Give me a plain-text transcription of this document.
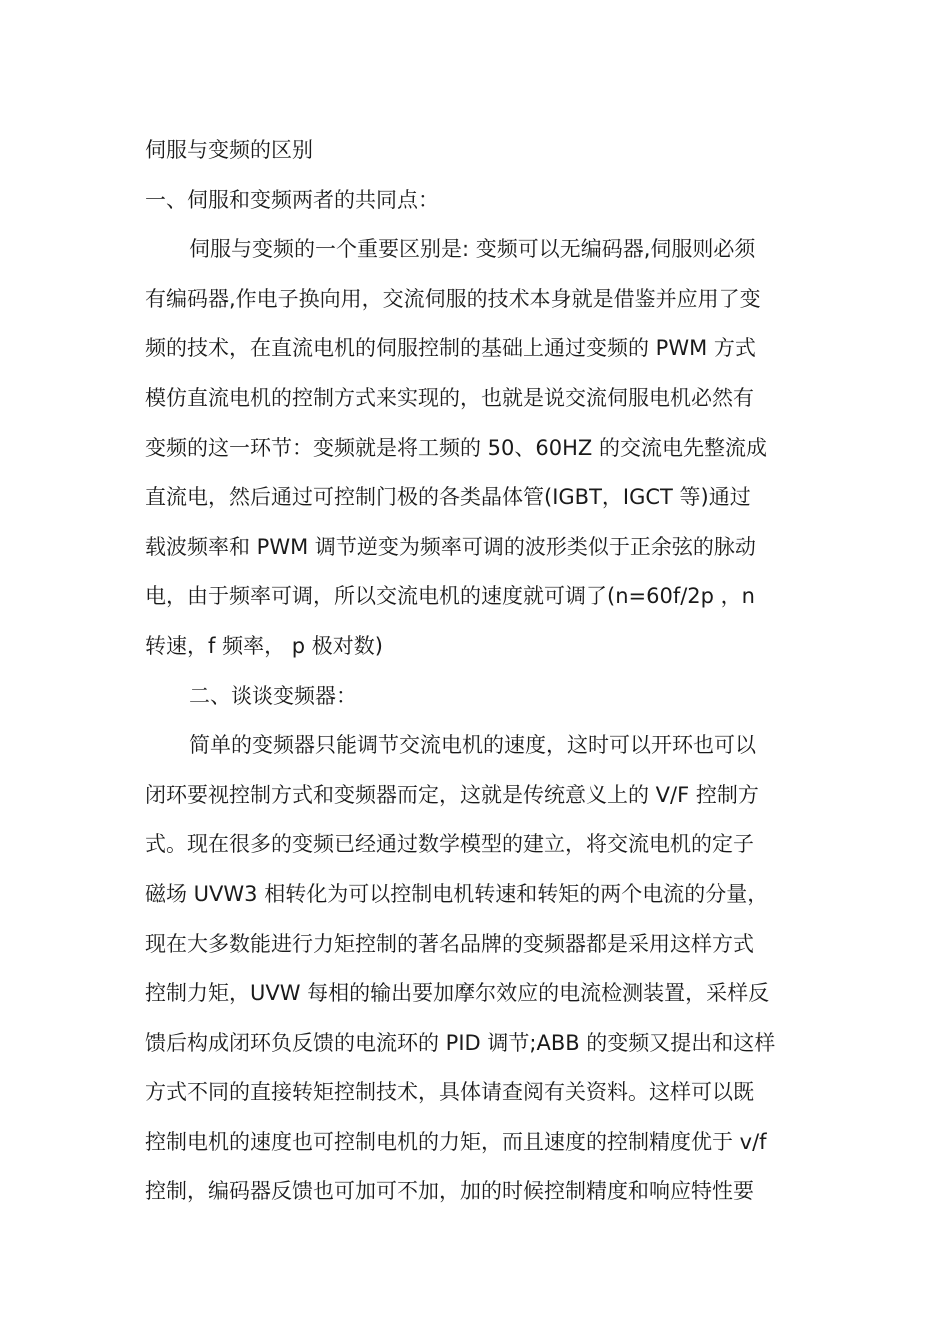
伺服与变频的区别
一、伺服和变频两者的共同点：
伺服与变频的一个重要区别是: 变频可以无编码器,伺服则必须
有编码器,作电子换向用，交流伺服的技术本身就是借鉴并应用了变
频的技术，在直流电机的伺服控制的基础上通过变频的 PWM 方式
模仿直流电机的控制方式来实现的，也就是说交流伺服电机必然有
变频的这一环节：变频就是将工频的 50、60HZ 的交流电先整流成
直流电，然后通过可控制门极的各类晶体管(IGBT，IGCT 等)通过
载波频率和 PWM 调节逆变为频率可调的波形类似于正余弦的脉动
电，由于频率可调，所以交流电机的速度就可调了(n=60f/2p ，n
转速，f 频率， p 极对数)
二、谈谈变频器：
简单的变频器只能调节交流电机的速度，这时可以开环也可以
闭环要视控制方式和变频器而定，这就是传统意义上的 V/F 控制方
式。现在很多的变频已经通过数学模型的建立，将交流电机的定子
磁场 UVW3 相转化为可以控制电机转速和转矩的两个电流的分量，
现在大多数能进行力矩控制的著名品牌的变频器都是采用这样方式
控制力矩，UVW 每相的输出要加摩尔效应的电流检测装置，采样反
馈后构成闭环负反馈的电流环的 PID 调节;ABB 的变频又提出和这样
方式不同的直接转矩控制技术，具体请查阅有关资料。这样可以既
控制电机的速度也可控制电机的力矩，而且速度的控制精度优于 v/f
控制，编码器反馈也可加可不加，加的时候控制精度和响应特性要
